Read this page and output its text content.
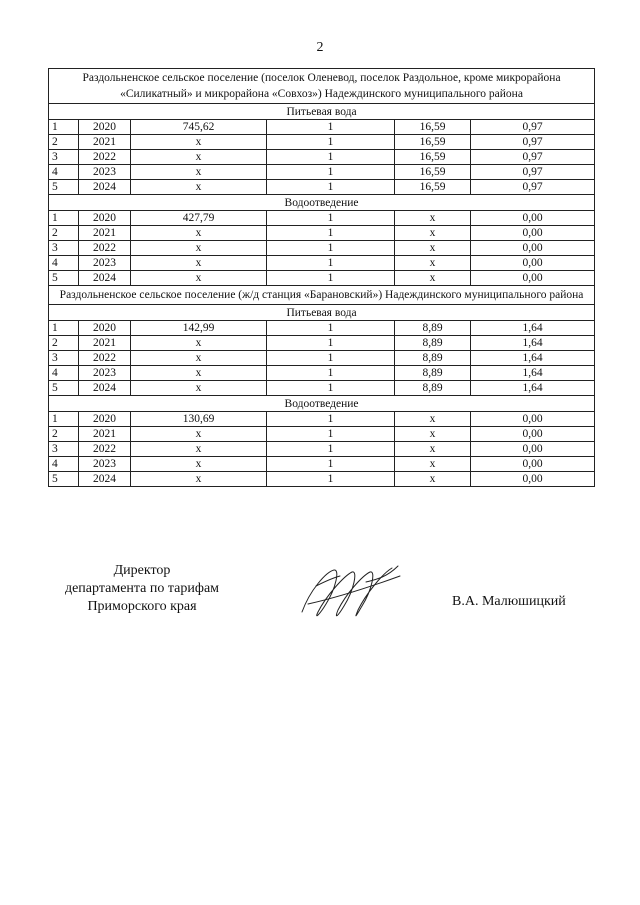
2
Раздольненское сельское поселение (поселок Оленевод, поселок Раздольное, кроме микрорайона «Силикатный» и микрорайона «Совхоз») Надеждинского муниципального района					
Питьевая вода					
1	2020	745,62	1	16,59	0,97
2	2021	x	1	16,59	0,97
3	2022	x	1	16,59	0,97
4	2023	x	1	16,59	0,97
5	2024	x	1	16,59	0,97
Водоотведение					
1	2020	427,79	1	x	0,00
2	2021	x	1	x	0,00
3	2022	x	1	x	0,00
4	2023	x	1	x	0,00
5	2024	x	1	x	0,00
Раздольненское сельское поселение (ж/д станция «Барановский») Надеждинского муниципального района					
Питьевая вода					
1	2020	142,99	1	8,89	1,64
2	2021	x	1	8,89	1,64
3	2022	x	1	8,89	1,64
4	2023	x	1	8,89	1,64
5	2024	x	1	8,89	1,64
Водоотведение					
1	2020	130,69	1	x	0,00
2	2021	x	1	x	0,00
3	2022	x	1	x	0,00
4	2023	x	1	x	0,00
5	2024	x	1	x	0,00
Директор
департамента по тарифам
Приморского края	В.А. Малюшицкий
